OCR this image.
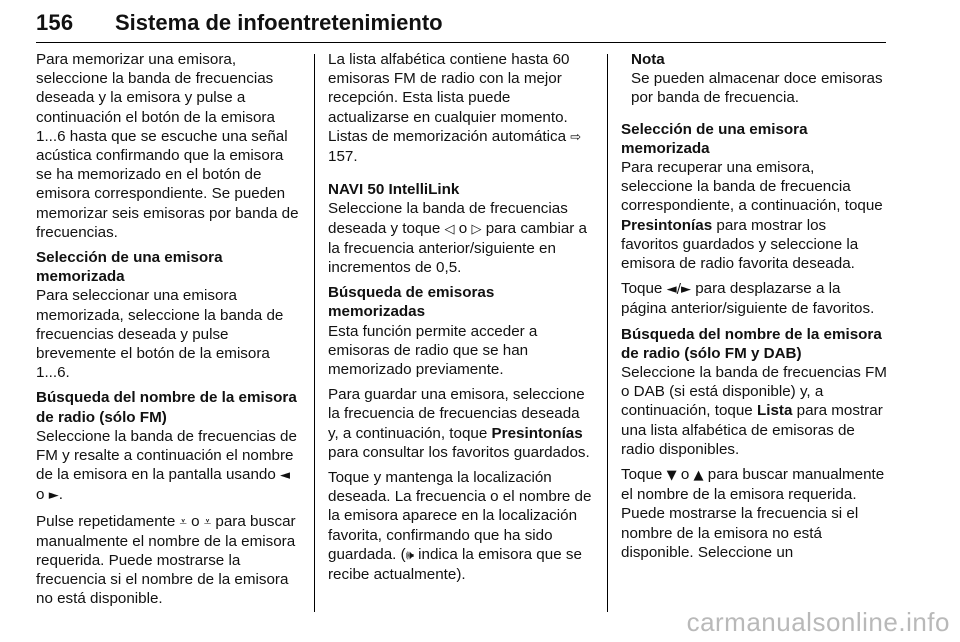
156 Sistema de infoentretenimiento

Para memorizar una emisora, seleccione la banda de frecuencias deseada y la emisora y pulse a continuación el botón de la emisora 1...6 hasta que se escuche una señal acústica confirmando que la emisora se ha memorizado en el botón de emisora correspondiente. Se pueden memorizar seis emisoras por banda de frecuencias.

Selección de una emisora memorizada
Para seleccionar una emisora memorizada, seleccione la banda de frecuencias deseada y pulse brevemente el botón de la emisora 1...6.
Búsqueda del nombre de la emisora de radio (sólo FM)
Seleccione la banda de frecuencias de FM y resalte a continuación el nombre de la emisora en la pantalla usando ◄ o ►.

Pulse repetidamente ⩡ o ⩡ para buscar manualmente el nombre de la emisora requerida. Puede mostrarse la frecuencia si el nombre de la emisora no está disponible.

La lista alfabética contiene hasta 60 emisoras FM de radio con la mejor recepción. Esta lista puede actualizarse en cualquier momento. Listas de memorización automática ⇨ 157.

NAVI 50 IntelliLink
Seleccione la banda de frecuencias deseada y toque ◁ o ▷ para cambiar a la frecuencia anterior/siguiente en incrementos de 0,5.
Búsqueda de emisoras memorizadas
Esta función permite acceder a emisoras de radio que se han memorizado previamente.

Para guardar una emisora, seleccione la frecuencia de frecuencias deseada y, a continuación, toque Presintonías para consultar los favoritos guardados.

Toque y mantenga la localización deseada. La frecuencia o el nombre de la emisora aparece en la localización favorita, confirmando que ha sido guardada. (🕪 indica la emisora que se recibe actualmente).

Nota
Se pueden almacenar doce emisoras por banda de frecuencia.
Selección de una emisora memorizada
Para recuperar una emisora, seleccione la banda de frecuencia correspondiente, a continuación, toque Presintonías para mostrar los favoritos guardados y seleccione la emisora de radio favorita deseada.

Toque ◄/► para desplazarse a la página anterior/siguiente de favoritos.

Búsqueda del nombre de la emisora de radio (sólo FM y DAB)
Seleccione la banda de frecuencias FM o DAB (si está disponible) y, a continuación, toque Lista para mostrar una lista alfabética de emisoras de radio disponibles.

Toque ▼ o ▲ para buscar manualmente el nombre de la emisora requerida. Puede mostrarse la frecuencia si el nombre de la emisora no está disponible. Seleccione un

carmanualsonline.info
